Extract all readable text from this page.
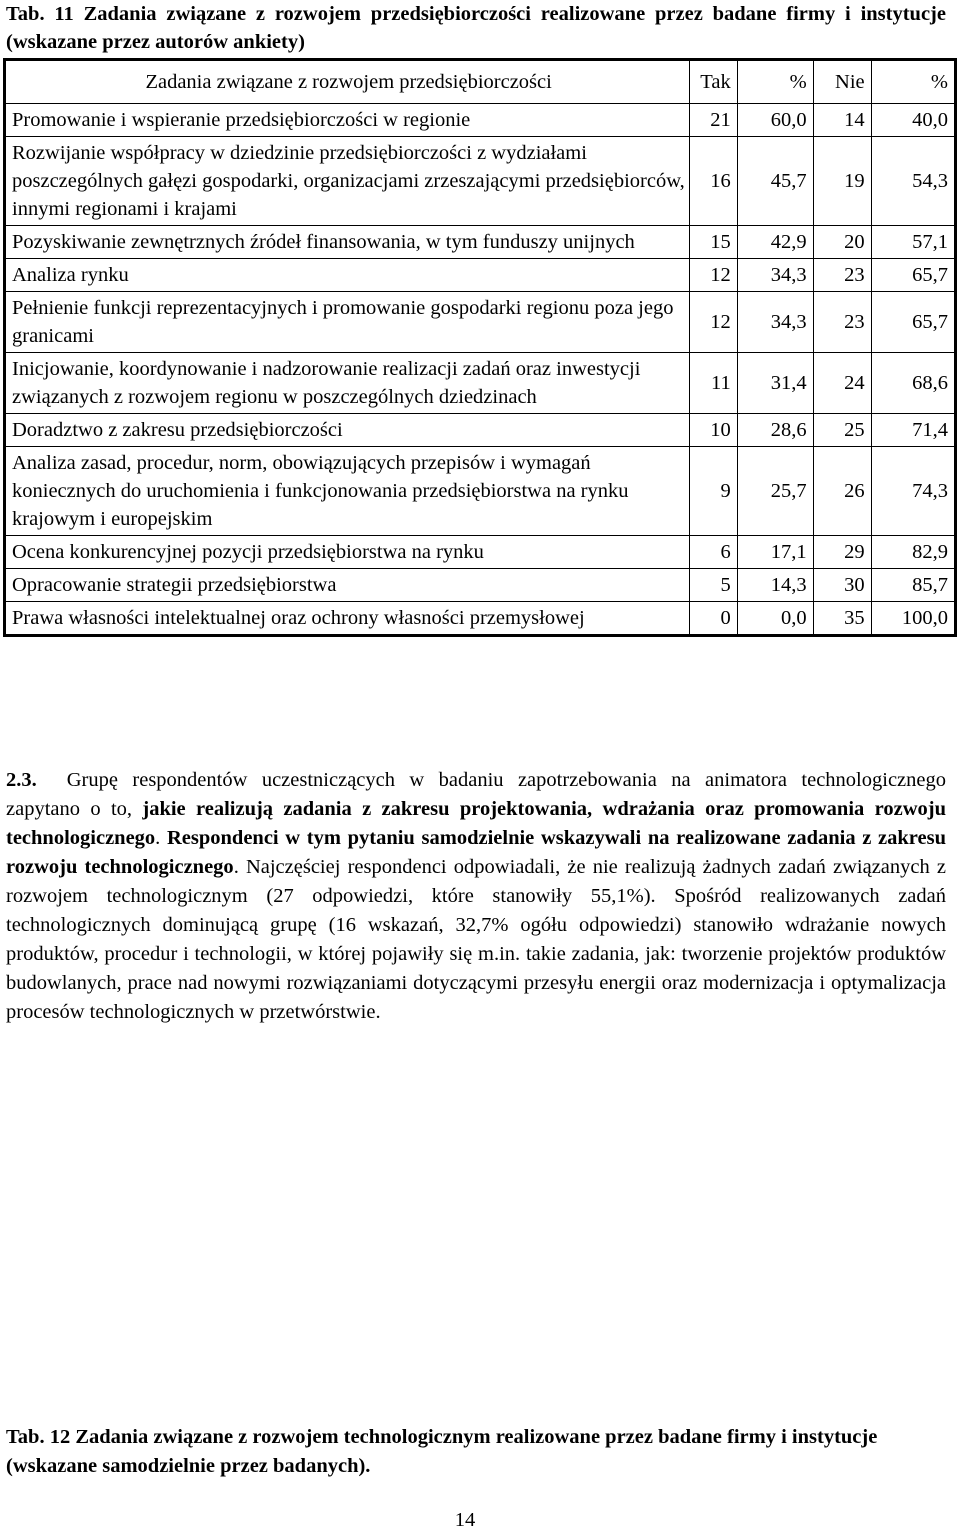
Tab. 11 Zadania związane z rozwojem przedsiębiorczości realizowane przez badane firmy i instytucje (wskazane przez autorów ankiety)
Zadania związane z rozwojem przedsiębiorczości	Tak	%	Nie	%
Promowanie i wspieranie przedsiębiorczości w regionie	21	60,0	14	40,0
Rozwijanie współpracy w dziedzinie przedsiębiorczości z wydziałami poszczególnych gałęzi gospodarki, organizacjami zrzeszającymi przedsiębiorców, innymi regionami i krajami	16	45,7	19	54,3
Pozyskiwanie zewnętrznych źródeł finansowania, w tym funduszy unijnych	15	42,9	20	57,1
Analiza rynku	12	34,3	23	65,7
Pełnienie funkcji reprezentacyjnych i promowanie gospodarki regionu poza jego granicami	12	34,3	23	65,7
Inicjowanie, koordynowanie i nadzorowanie realizacji zadań oraz inwestycji związanych z rozwojem regionu w poszczególnych dziedzinach	11	31,4	24	68,6
Doradztwo z zakresu przedsiębiorczości	10	28,6	25	71,4
Analiza zasad, procedur, norm, obowiązujących przepisów i wymagań koniecznych do uruchomienia i funkcjonowania przedsiębiorstwa na rynku krajowym i europejskim	9	25,7	26	74,3
Ocena konkurencyjnej pozycji przedsiębiorstwa na rynku	6	17,1	29	82,9
Opracowanie strategii przedsiębiorstwa	5	14,3	30	85,7
Prawa własności intelektualnej oraz ochrony własności przemysłowej	0	0,0	35	100,0
2.3. Grupę respondentów uczestniczących w badaniu zapotrzebowania na animatora technologicznego zapytano o to, jakie realizują zadania z zakresu projektowania, wdrażania oraz promowania rozwoju technologicznego. Respondenci w tym pytaniu samodzielnie wskazywali na realizowane zadania z zakresu rozwoju technologicznego. Najczęściej respondenci odpowiadali, że nie realizują żadnych zadań związanych z rozwojem technologicznym (27 odpowiedzi, które stanowiły 55,1%). Spośród realizowanych zadań technologicznych dominującą grupę (16 wskazań, 32,7% ogółu odpowiedzi) stanowiło wdrażanie nowych produktów, procedur i technologii, w której pojawiły się m.in. takie zadania, jak: tworzenie projektów produktów budowlanych, prace nad nowymi rozwiązaniami dotyczącymi przesyłu energii oraz modernizacja i optymalizacja procesów technologicznych w przetwórstwie.
Tab. 12 Zadania związane z rozwojem technologicznym realizowane przez badane firmy i instytucje (wskazane samodzielnie przez badanych).
14
